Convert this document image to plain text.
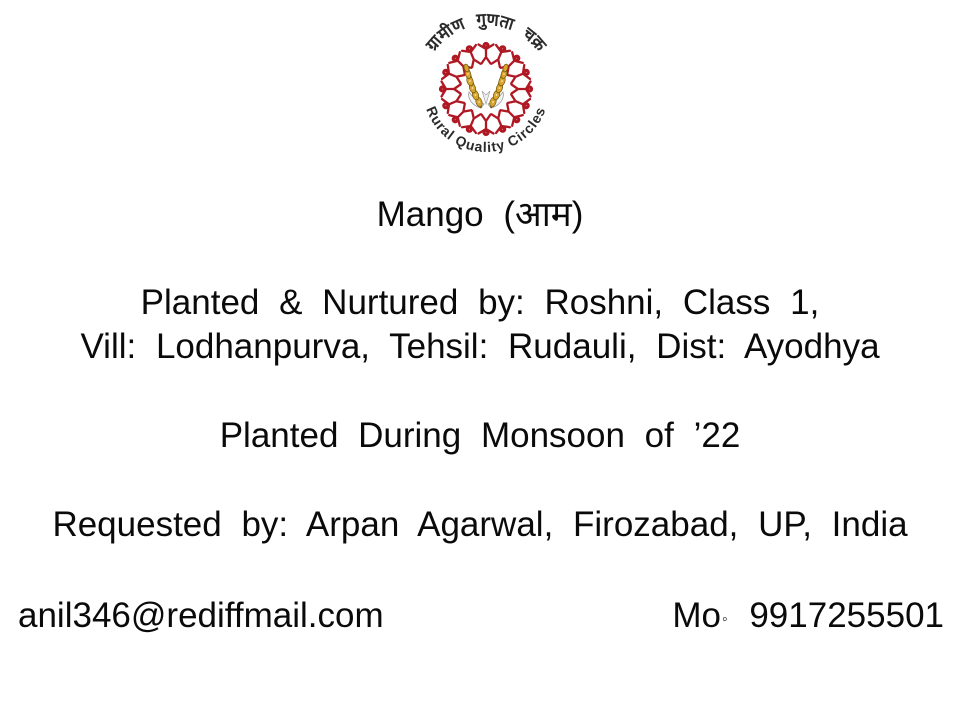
ग्रामीण गुणता चक्र
Rural Quality Circles
Mango (आम)
Planted & Nurtured by: Roshni, Class 1,
Vill: Lodhanpurva, Tehsil: Rudauli, Dist: Ayodhya
Planted During Monsoon of ’22
Requested by: Arpan Agarwal, Firozabad, UP, India
anil346@rediffmail.com	Mo◦ 9917255501
